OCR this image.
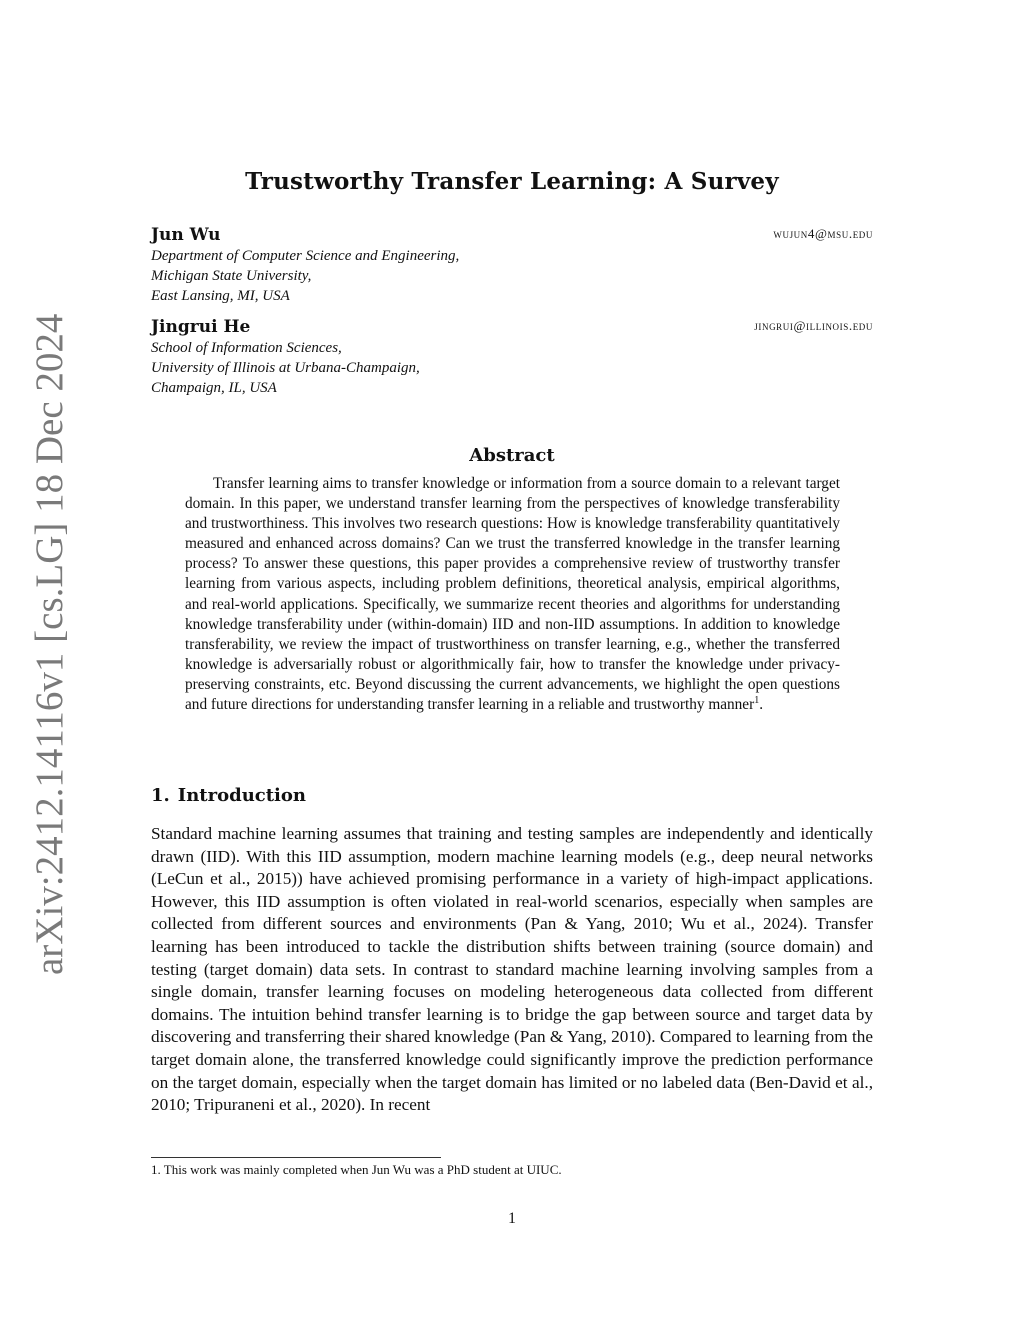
arXiv:2412.14116v1 [cs.LG] 18 Dec 2024
Trustworthy Transfer Learning: A Survey
Jun Wu	wujun4@msu.edu
Department of Computer Science and Engineering,
Michigan State University,
East Lansing, MI, USA
Jingrui He	jingrui@illinois.edu
School of Information Sciences,
University of Illinois at Urbana-Champaign,
Champaign, IL, USA
Abstract
Transfer learning aims to transfer knowledge or information from a source domain to a relevant target domain. In this paper, we understand transfer learning from the perspectives of knowledge transferability and trustworthiness. This involves two research questions: How is knowledge transferability quantitatively measured and enhanced across domains? Can we trust the transferred knowledge in the transfer learning process? To answer these questions, this paper provides a comprehensive review of trustworthy transfer learning from various aspects, including problem definitions, theoretical analysis, empirical algorithms, and real-world applications. Specifically, we summarize recent theories and algorithms for understanding knowledge transferability under (within-domain) IID and non-IID assumptions. In addition to knowledge transferability, we review the impact of trustworthiness on transfer learning, e.g., whether the transferred knowledge is adversarially robust or algorithmically fair, how to transfer the knowledge under privacy-preserving constraints, etc. Beyond discussing the current advancements, we highlight the open questions and future directions for understanding transfer learning in a reliable and trustworthy manner$^1$.
1. Introduction
Standard machine learning assumes that training and testing samples are independently and identically drawn (IID). With this IID assumption, modern machine learning models (e.g., deep neural networks (LeCun et al., 2015)) have achieved promising performance in a variety of high-impact applications. However, this IID assumption is often violated in real-world scenarios, especially when samples are collected from different sources and environments (Pan & Yang, 2010; Wu et al., 2024). Transfer learning has been introduced to tackle the distribution shifts between training (source domain) and testing (target domain) data sets. In contrast to standard machine learning involving samples from a single domain, transfer learning focuses on modeling heterogeneous data collected from different domains. The intuition behind transfer learning is to bridge the gap between source and target data by discovering and transferring their shared knowledge (Pan & Yang, 2010). Compared to learning from the target domain alone, the transferred knowledge could significantly improve the prediction performance on the target domain, especially when the target domain has limited or no labeled data (Ben-David et al., 2010; Tripuraneni et al., 2020). In recent
1. This work was mainly completed when Jun Wu was a PhD student at UIUC.
1
